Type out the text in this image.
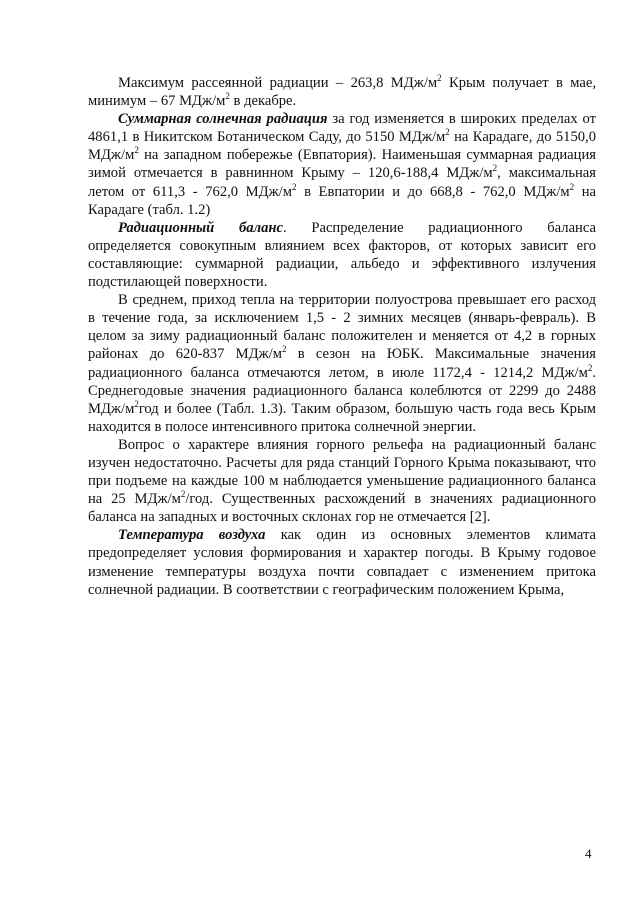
Максимум рассеянной радиации – 263,8 МДж/$м^2$ Крым получает в мае, минимум – 67 МДж/$м^2$ в декабре.

Суммарная солнечная радиация за год изменяется в широких пределах от 4861,1 в Никитском Ботаническом Саду, до 5150 МДж/$м^2$ на Карадаге, до 5150,0 МДж/$м^2$ на западном побережье (Евпатория). Наименьшая суммарная радиация зимой отмечается в равнинном Крыму – 120,6-188,4 МДж/$м^2$, максимальная летом от 611,3 - 762,0 МДж/$м^2$ в Евпатории и до 668,8 - 762,0 МДж/$м^2$ на Карадаге (табл. 1.2)

Радиационный баланс. Распределение радиационного баланса определяется совокупным влиянием всех факторов, от которых зависит его составляющие: суммарной радиации, альбедо и эффективного излучения подстилающей поверхности.

В среднем, приход тепла на территории полуострова превышает его расход в течение года, за исключением 1,5 - 2 зимних месяцев (январь-февраль). В целом за зиму радиационный баланс положителен и меняется от 4,2 в горных районах до 620-837 МДж/$м^2$ в сезон на ЮБК. Максимальные значения радиационного баланса отмечаются летом, в июле 1172,4 - 1214,2 МДж/$м^2$. Среднегодовые значения радиационного баланса колеблются от 2299 до 2488 МДж/$м^2год$ и более (Табл. 1.3). Таким образом, большую часть года весь Крым находится в полосе интенсивного притока солнечной энергии.

Вопрос о характере влияния горного рельефа на радиационный баланс изучен недостаточно. Расчеты для ряда станций Горного Крыма показывают, что при подъеме на каждые 100 м наблюдается уменьшение радиационного баланса на 25 МДж/$м^2$/год. Существенных расхождений в значениях радиационного баланса на западных и восточных склонах гор не отмечается [2].

Температура воздуха как один из основных элементов климата предопределяет условия формирования и характер погоды. В Крыму годовое изменение температуры воздуха почти совпадает с изменением притока солнечной радиации. В соответствии с географическим положением Крыма,

4
